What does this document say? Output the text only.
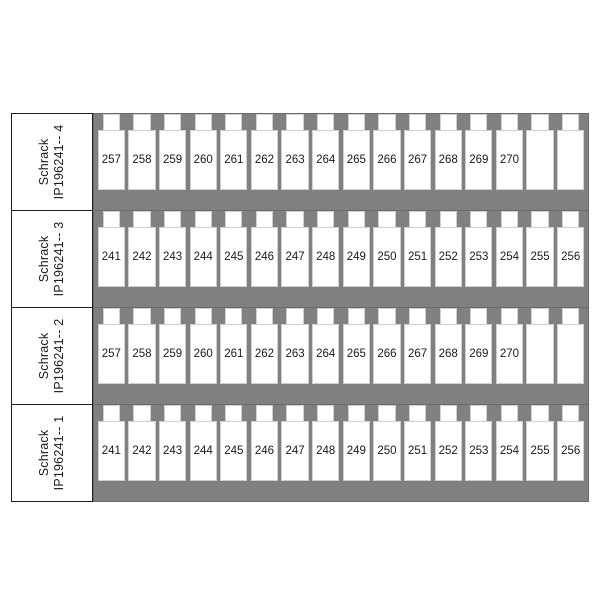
Schrack IP196241-- 4
257 258 259 260 261 262 263 264 265 266 267 268 269 270
Schrack IP196241-- 3
241 242 243 244 245 246 247 248 249 250 251 252 253 254 255 256
Schrack IP196241-- 2
257 258 259 260 261 262 263 264 265 266 267 268 269 270
Schrack IP196241-- 1
241 242 243 244 245 246 247 248 249 250 251 252 253 254 255 256
